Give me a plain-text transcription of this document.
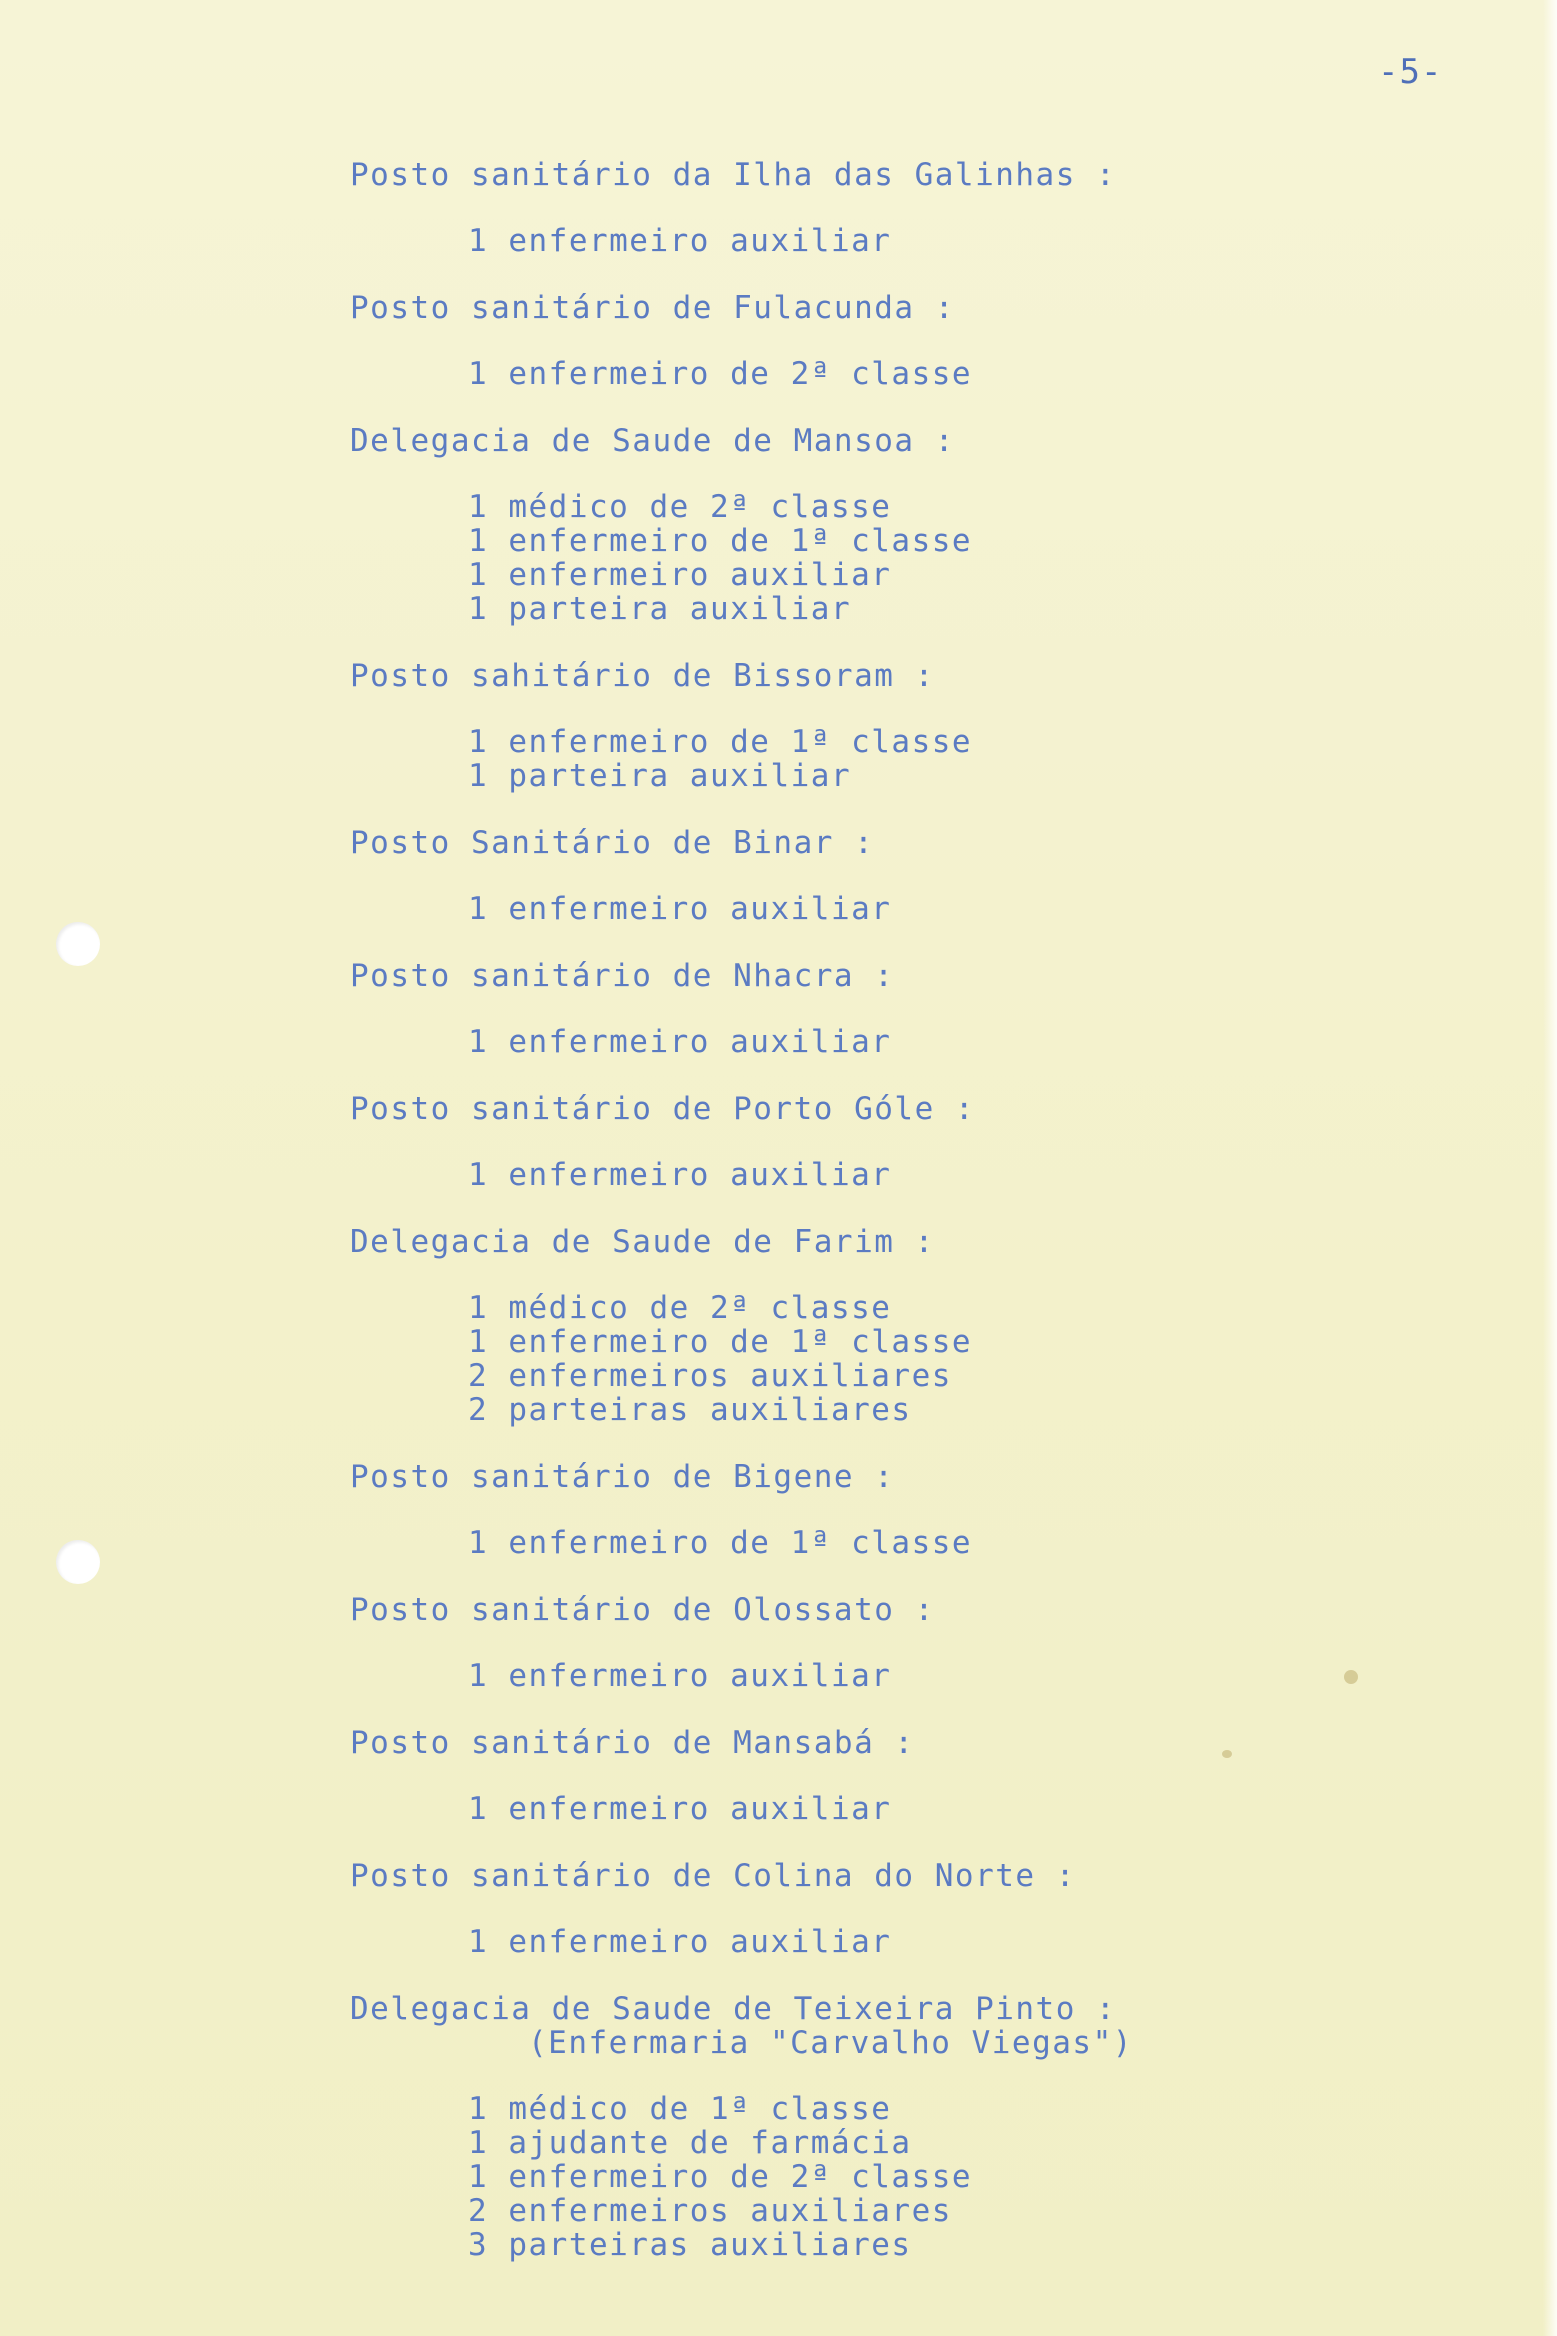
-5-
Posto sanitário da Ilha das Galinhas :
1 enfermeiro auxiliar
Posto sanitário de Fulacunda :
1 enfermeiro de 2ª classe
Delegacia de Saude de Mansoa :
1 médico de 2ª classe
1 enfermeiro de 1ª classe
1 enfermeiro auxiliar
1 parteira auxiliar
Posto sahitário de Bissoram :
1 enfermeiro de 1ª classe
1 parteira auxiliar
Posto Sanitário de Binar :
1 enfermeiro auxiliar
Posto sanitário de Nhacra :
1 enfermeiro auxiliar
Posto sanitário de Porto Góle :
1 enfermeiro auxiliar
Delegacia de Saude de Farim :
1 médico de 2ª classe
1 enfermeiro de 1ª classe
2 enfermeiros auxiliares
2 parteiras auxiliares
Posto sanitário de Bigene :
1 enfermeiro de 1ª classe
Posto sanitário de Olossato :
1 enfermeiro auxiliar
Posto sanitário de Mansabá :
1 enfermeiro auxiliar
Posto sanitário de Colina do Norte :
1 enfermeiro auxiliar
Delegacia de Saude de Teixeira Pinto :
(Enfermaria "Carvalho Viegas")
1 médico de 1ª classe
1 ajudante de farmácia
1 enfermeiro de 2ª classe
2 enfermeiros auxiliares
3 parteiras auxiliares
